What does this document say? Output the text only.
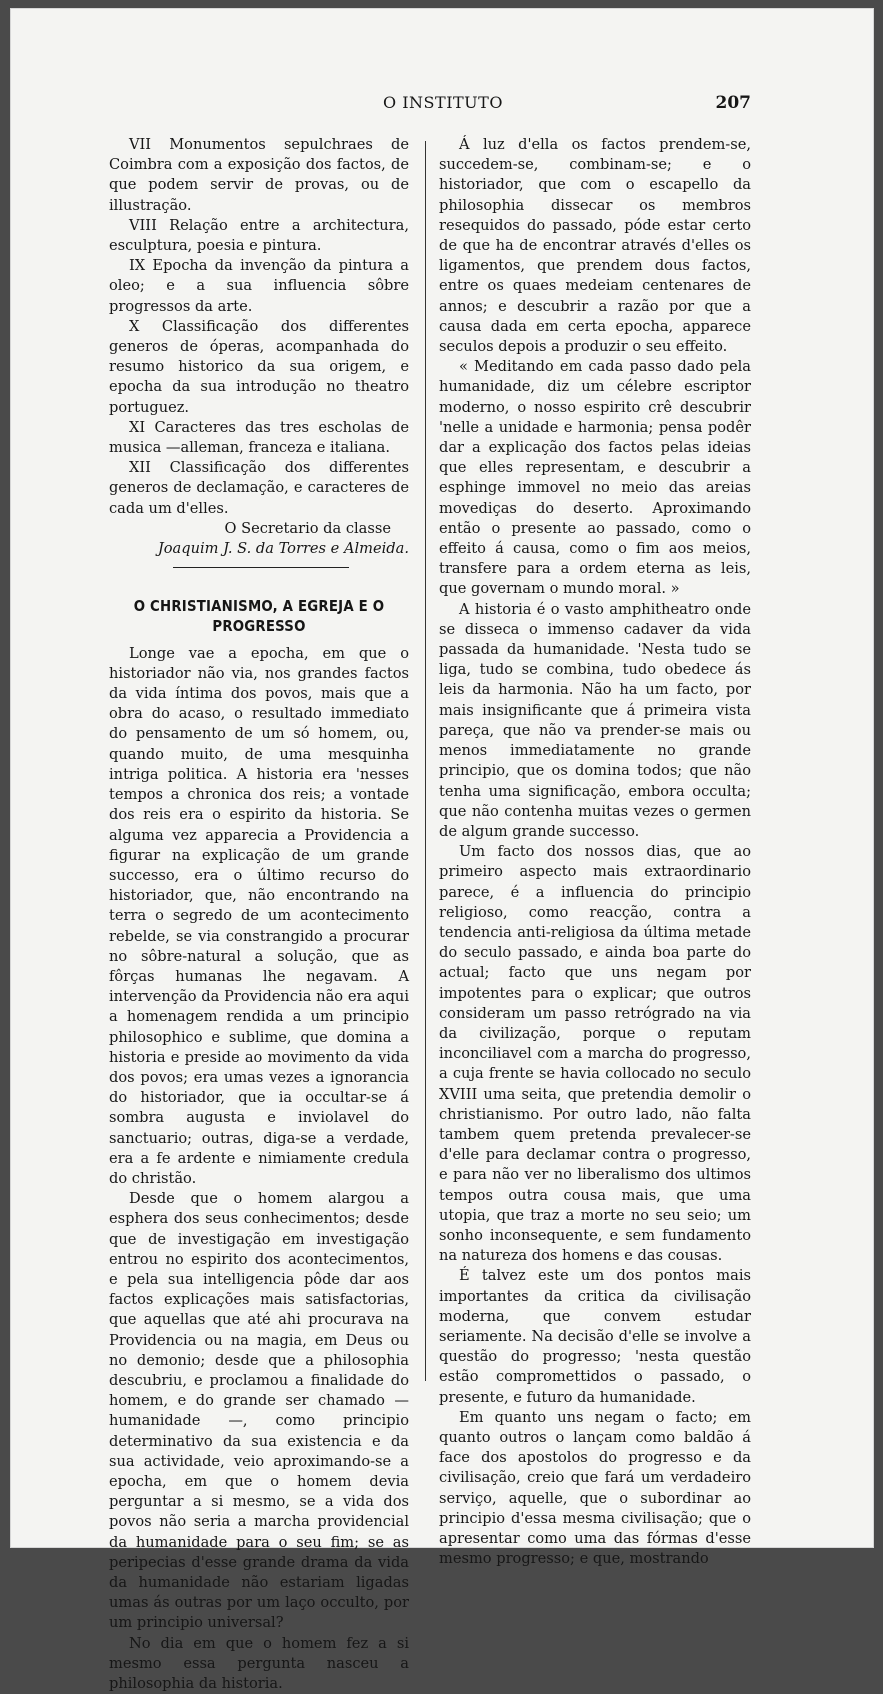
O INSTITUTO	207

VII Monumentos sepulchraes de Coimbra com a exposição dos factos, de que podem servir de provas, ou de illustração.

VIII Relação entre a architectura, esculptura, poesia e pintura.

IX Epocha da invenção da pintura a oleo; e a sua influencia sôbre progressos da arte.

X Classificação dos differentes generos de óperas, acompanhada do resumo historico da sua origem, e epocha da sua introdução no theatro portuguez.

XI Caracteres das tres escholas de musica —alleman, franceza e italiana.

XII Classificação dos differentes generos de declamação, e caracteres de cada um d'elles.

O Secretario da classe

Joaquim J. S. da Torres e Almeida.

O CHRISTIANISMO, A EGREJA E O PROGRESSO

Longe vae a epocha, em que o historiador não via, nos grandes factos da vida íntima dos povos, mais que a obra do acaso, o resultado immediato do pensamento de um só homem, ou, quando muito, de uma mesquinha intriga politica. A historia era 'nesses tempos a chronica dos reis; a vontade dos reis era o espirito da historia. Se alguma vez apparecia a Providencia a figurar na explicação de um grande successo, era o último recurso do historiador, que, não encontrando na terra o segredo de um acontecimento rebelde, se via constrangido a procurar no sôbre-natural a solução, que as fôrças humanas lhe negavam. A intervenção da Providencia não era aqui a homenagem rendida a um principio philosophico e sublime, que domina a historia e preside ao movimento da vida dos povos; era umas vezes a ignorancia do historiador, que ia occultar-se á sombra augusta e inviolavel do sanctuario; outras, diga-se a verdade, era a fe ardente e nimiamente credula do christão.

Desde que o homem alargou a esphera dos seus conhecimentos; desde que de investigação em investigação entrou no espirito dos acontecimentos, e pela sua intelligencia pôde dar aos factos explicações mais satisfactorias, que aquellas que até ahi procurava na Providencia ou na magia, em Deus ou no demonio; desde que a philosophia descubriu, e proclamou a finalidade do homem, e do grande ser chamado — humanidade —, como principio determinativo da sua existencia e da sua actividade, veio aproximando-se a epocha, em que o homem devia perguntar a si mesmo, se a vida dos povos não seria a marcha providencial da humanidade para o seu fim; se as peripecias d'esse grande drama da vida da humanidade não estariam ligadas umas ás outras por um laço occulto, por um principio universal?

No dia em que o homem fez a si mesmo essa pergunta nasceu a philosophia da historia.

Á luz d'ella os factos prendem-se, succedem-se, combinam-se; e o historiador, que com o escapello da philosophia dissecar os membros resequidos do passado, póde estar certo de que ha de encontrar através d'elles os ligamentos, que prendem dous factos, entre os quaes medeiam centenares de annos; e descubrir a razão por que a causa dada em certa epocha, apparece seculos depois a produzir o seu effeito.

« Meditando em cada passo dado pela humanidade, diz um célebre escriptor moderno, o nosso espirito crê descubrir 'nelle a unidade e harmonia; pensa podêr dar a explicação dos factos pelas ideias que elles representam, e descubrir a esphinge immovel no meio das areias movediças do deserto. Aproximando então o presente ao passado, como o effeito á causa, como o fim aos meios, transfere para a ordem eterna as leis, que governam o mundo moral. »

A historia é o vasto amphitheatro onde se disseca o immenso cadaver da vida passada da humanidade. 'Nesta tudo se liga, tudo se combina, tudo obedece ás leis da harmonia. Não ha um facto, por mais insignificante que á primeira vista pareça, que não va prender-se mais ou menos immediatamente no grande principio, que os domina todos; que não tenha uma significação, embora occulta; que não contenha muitas vezes o germen de algum grande successo.

Um facto dos nossos dias, que ao primeiro aspecto mais extraordinario parece, é a influencia do principio religioso, como reacção, contra a tendencia anti-religiosa da última metade do seculo passado, e ainda boa parte do actual; facto que uns negam por impotentes para o explicar; que outros consideram um passo retrógrado na via da civilização, porque o reputam inconciliavel com a marcha do progresso, a cuja frente se havia collocado no seculo XVIII uma seita, que pretendia demolir o christianismo. Por outro lado, não falta tambem quem pretenda prevalecer-se d'elle para declamar contra o progresso, e para não ver no liberalismo dos ultimos tempos outra cousa mais, que uma utopia, que traz a morte no seu seio; um sonho inconsequente, e sem fundamento na natureza dos homens e das cousas.

É talvez este um dos pontos mais importantes da critica da civilisação moderna, que convem estudar seriamente. Na decisão d'elle se involve a questão do progresso; 'nesta questão estão compromettidos o passado, o presente, e futuro da humanidade.

Em quanto uns negam o facto; em quanto outros o lançam como baldão á face dos apostolos do progresso e da civilisação, creio que fará um verdadeiro serviço, aquelle, que o subordinar ao principio d'essa mesma civilisação; que o apresentar como uma das fórmas d'esse mesmo progresso; e que, mostrando
